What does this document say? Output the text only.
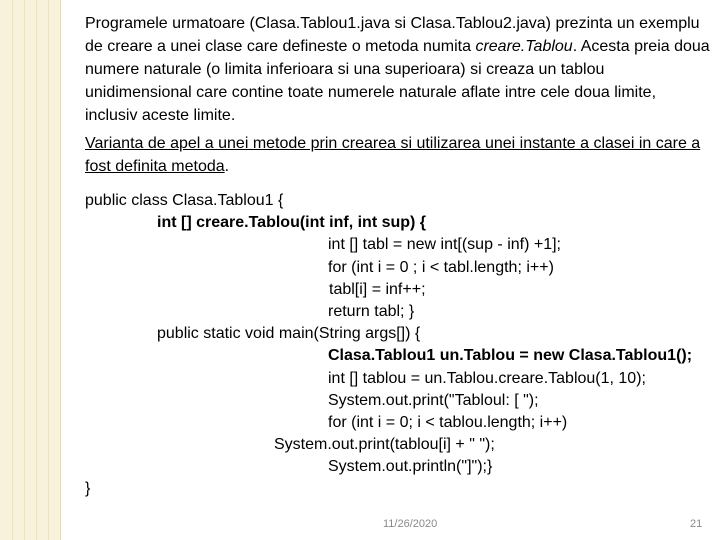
Programele urmatoare (Clasa.Tablou1.java si Clasa.Tablou2.java) prezinta un exemplu de creare a unei clase care defineste o metoda numita creare.Tablou. Acesta preia doua numere naturale (o limita inferioara si una superioara) si creaza un tablou unidimensional care contine toate numerele naturale aflate intre cele doua limite, inclusiv aceste limite.

Varianta de apel a unei metode prin crearea si utilizarea unei instante a clasei in care a fost definita metoda.

public class Clasa.Tablou1 {
int [] creare.Tablou(int inf, int sup) {
int [] tabl = new int[(sup - inf) +1];
for (int i = 0 ; i < tabl.length; i++)
tabl[i] = inf++;
return tabl; }
public static void main(String args[]) {
Clasa.Tablou1 un.Tablou = new Clasa.Tablou1();
int [] tablou = un.Tablou.creare.Tablou(1, 10);
System.out.print("Tabloul: [ ");
for (int i = 0; i < tablou.length; i++)
System.out.print(tablou[i] + " ");
System.out.println("]");}
}
11/26/2020	21
